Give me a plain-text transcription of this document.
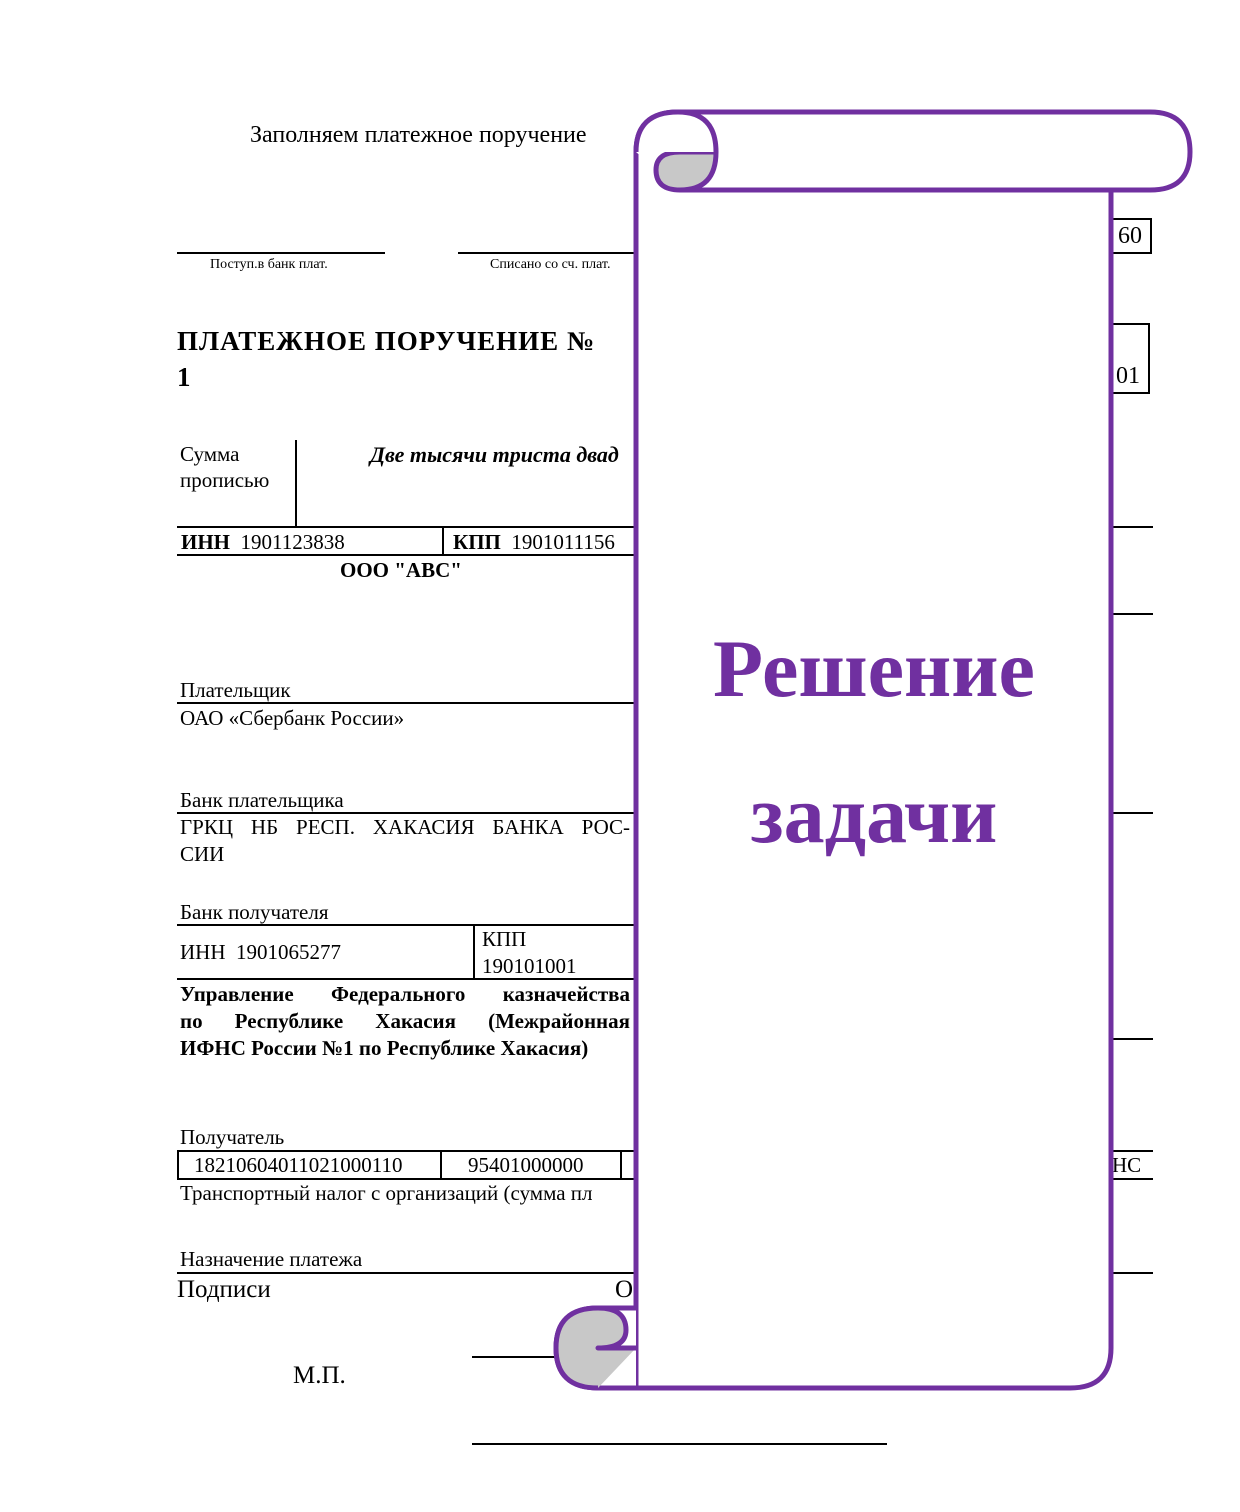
Заполняем платежное поручение
60
Поступ.в банк плат.	Списано со сч. плат.
ПЛАТЕЖНОЕ ПОРУЧЕНИЕ №
1	01
Сумма
прописью
Две тысячи триста двад
ИНН 1901123838	КПП 1901011156
ООО "АВС"
Плательщик
ОАО «Сбербанк России»
Банк плательщика
ГРКЦ НБ РЕСП. ХАКАСИЯ БАНКА РОС-
СИИ
Банк получателя
ИНН 1901065277
КПП
190101001
Управление Федерального казначейства
по Республике Хакасия (Межрайонная
ИФНС России №1 по Республике Хакасия)
Получатель
18210604011021000110	95401000000	НС
Транспортный налог с организаций (сумма пл
Назначение платежа
Подписи	О
М.П.
Решение
задачи
